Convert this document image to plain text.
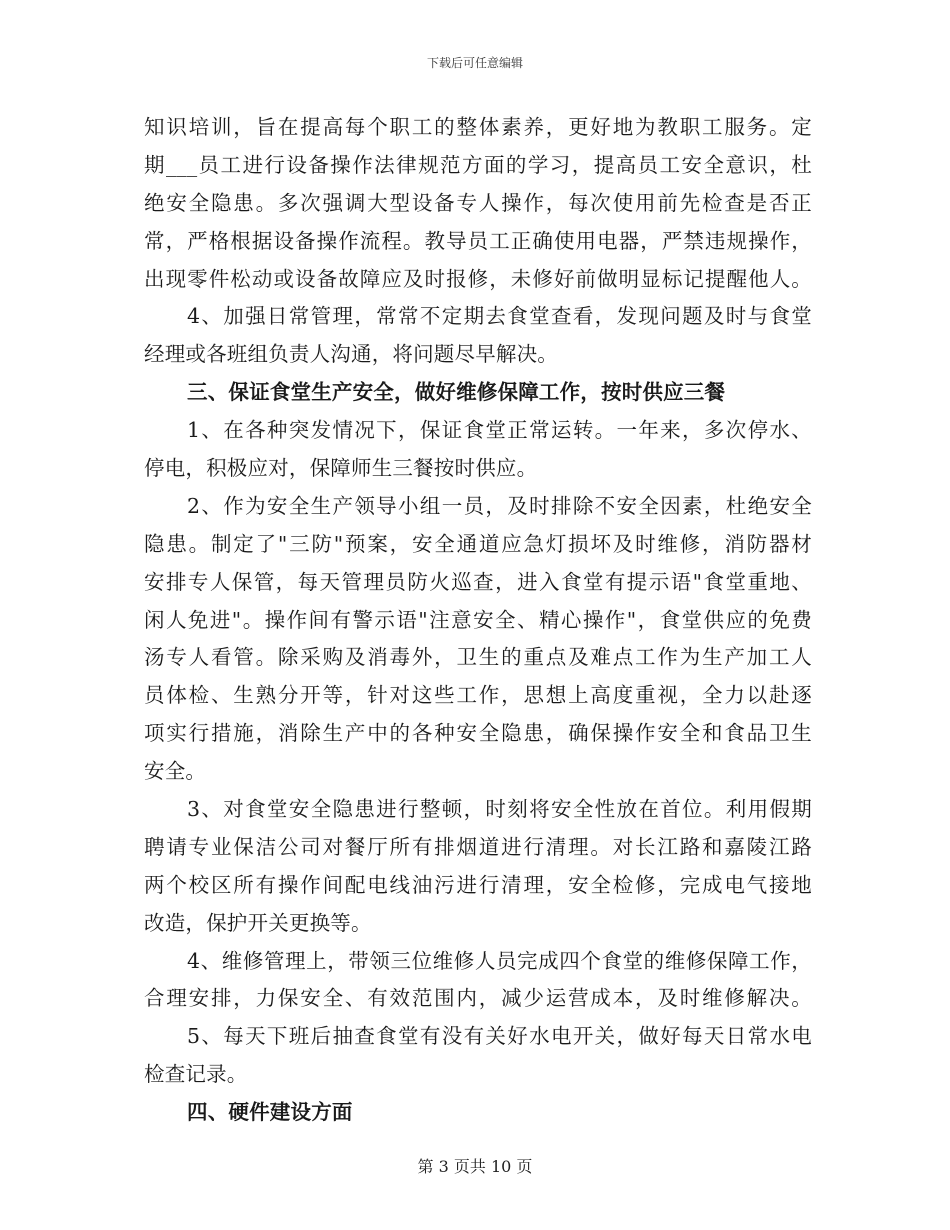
下载后可任意编辑
知识培训，旨在提高每个职工的整体素养，更好地为教职工服务。定
期___员工进行设备操作法律规范方面的学习，提高员工安全意识，杜
绝安全隐患。多次强调大型设备专人操作，每次使用前先检查是否正
常，严格根据设备操作流程。教导员工正确使用电器，严禁违规操作，
出现零件松动或设备故障应及时报修，未修好前做明显标记提醒他人。
4、加强日常管理，常常不定期去食堂查看，发现问题及时与食堂
经理或各班组负责人沟通，将问题尽早解决。
三、保证食堂生产安全，做好维修保障工作，按时供应三餐
1、在各种突发情况下，保证食堂正常运转。一年来，多次停水、
停电，积极应对，保障师生三餐按时供应。
2、作为安全生产领导小组一员，及时排除不安全因素，杜绝安全
隐患。制定了"三防"预案，安全通道应急灯损坏及时维修，消防器材
安排专人保管，每天管理员防火巡查，进入食堂有提示语"食堂重地、
闲人免进"。操作间有警示语"注意安全、精心操作"，食堂供应的免费
汤专人看管。除采购及消毒外，卫生的重点及难点工作为生产加工人
员体检、生熟分开等，针对这些工作，思想上高度重视，全力以赴逐
项实行措施，消除生产中的各种安全隐患，确保操作安全和食品卫生
安全。
3、对食堂安全隐患进行整顿，时刻将安全性放在首位。利用假期
聘请专业保洁公司对餐厅所有排烟道进行清理。对长江路和嘉陵江路
两个校区所有操作间配电线油污进行清理，安全检修，完成电气接地
改造，保护开关更换等。
4、维修管理上，带领三位维修人员完成四个食堂的维修保障工作，
合理安排，力保安全、有效范围内，减少运营成本，及时维修解决。
5、每天下班后抽查食堂有没有关好水电开关，做好每天日常水电
检查记录。
四、硬件建设方面
第 3 页共 10 页
